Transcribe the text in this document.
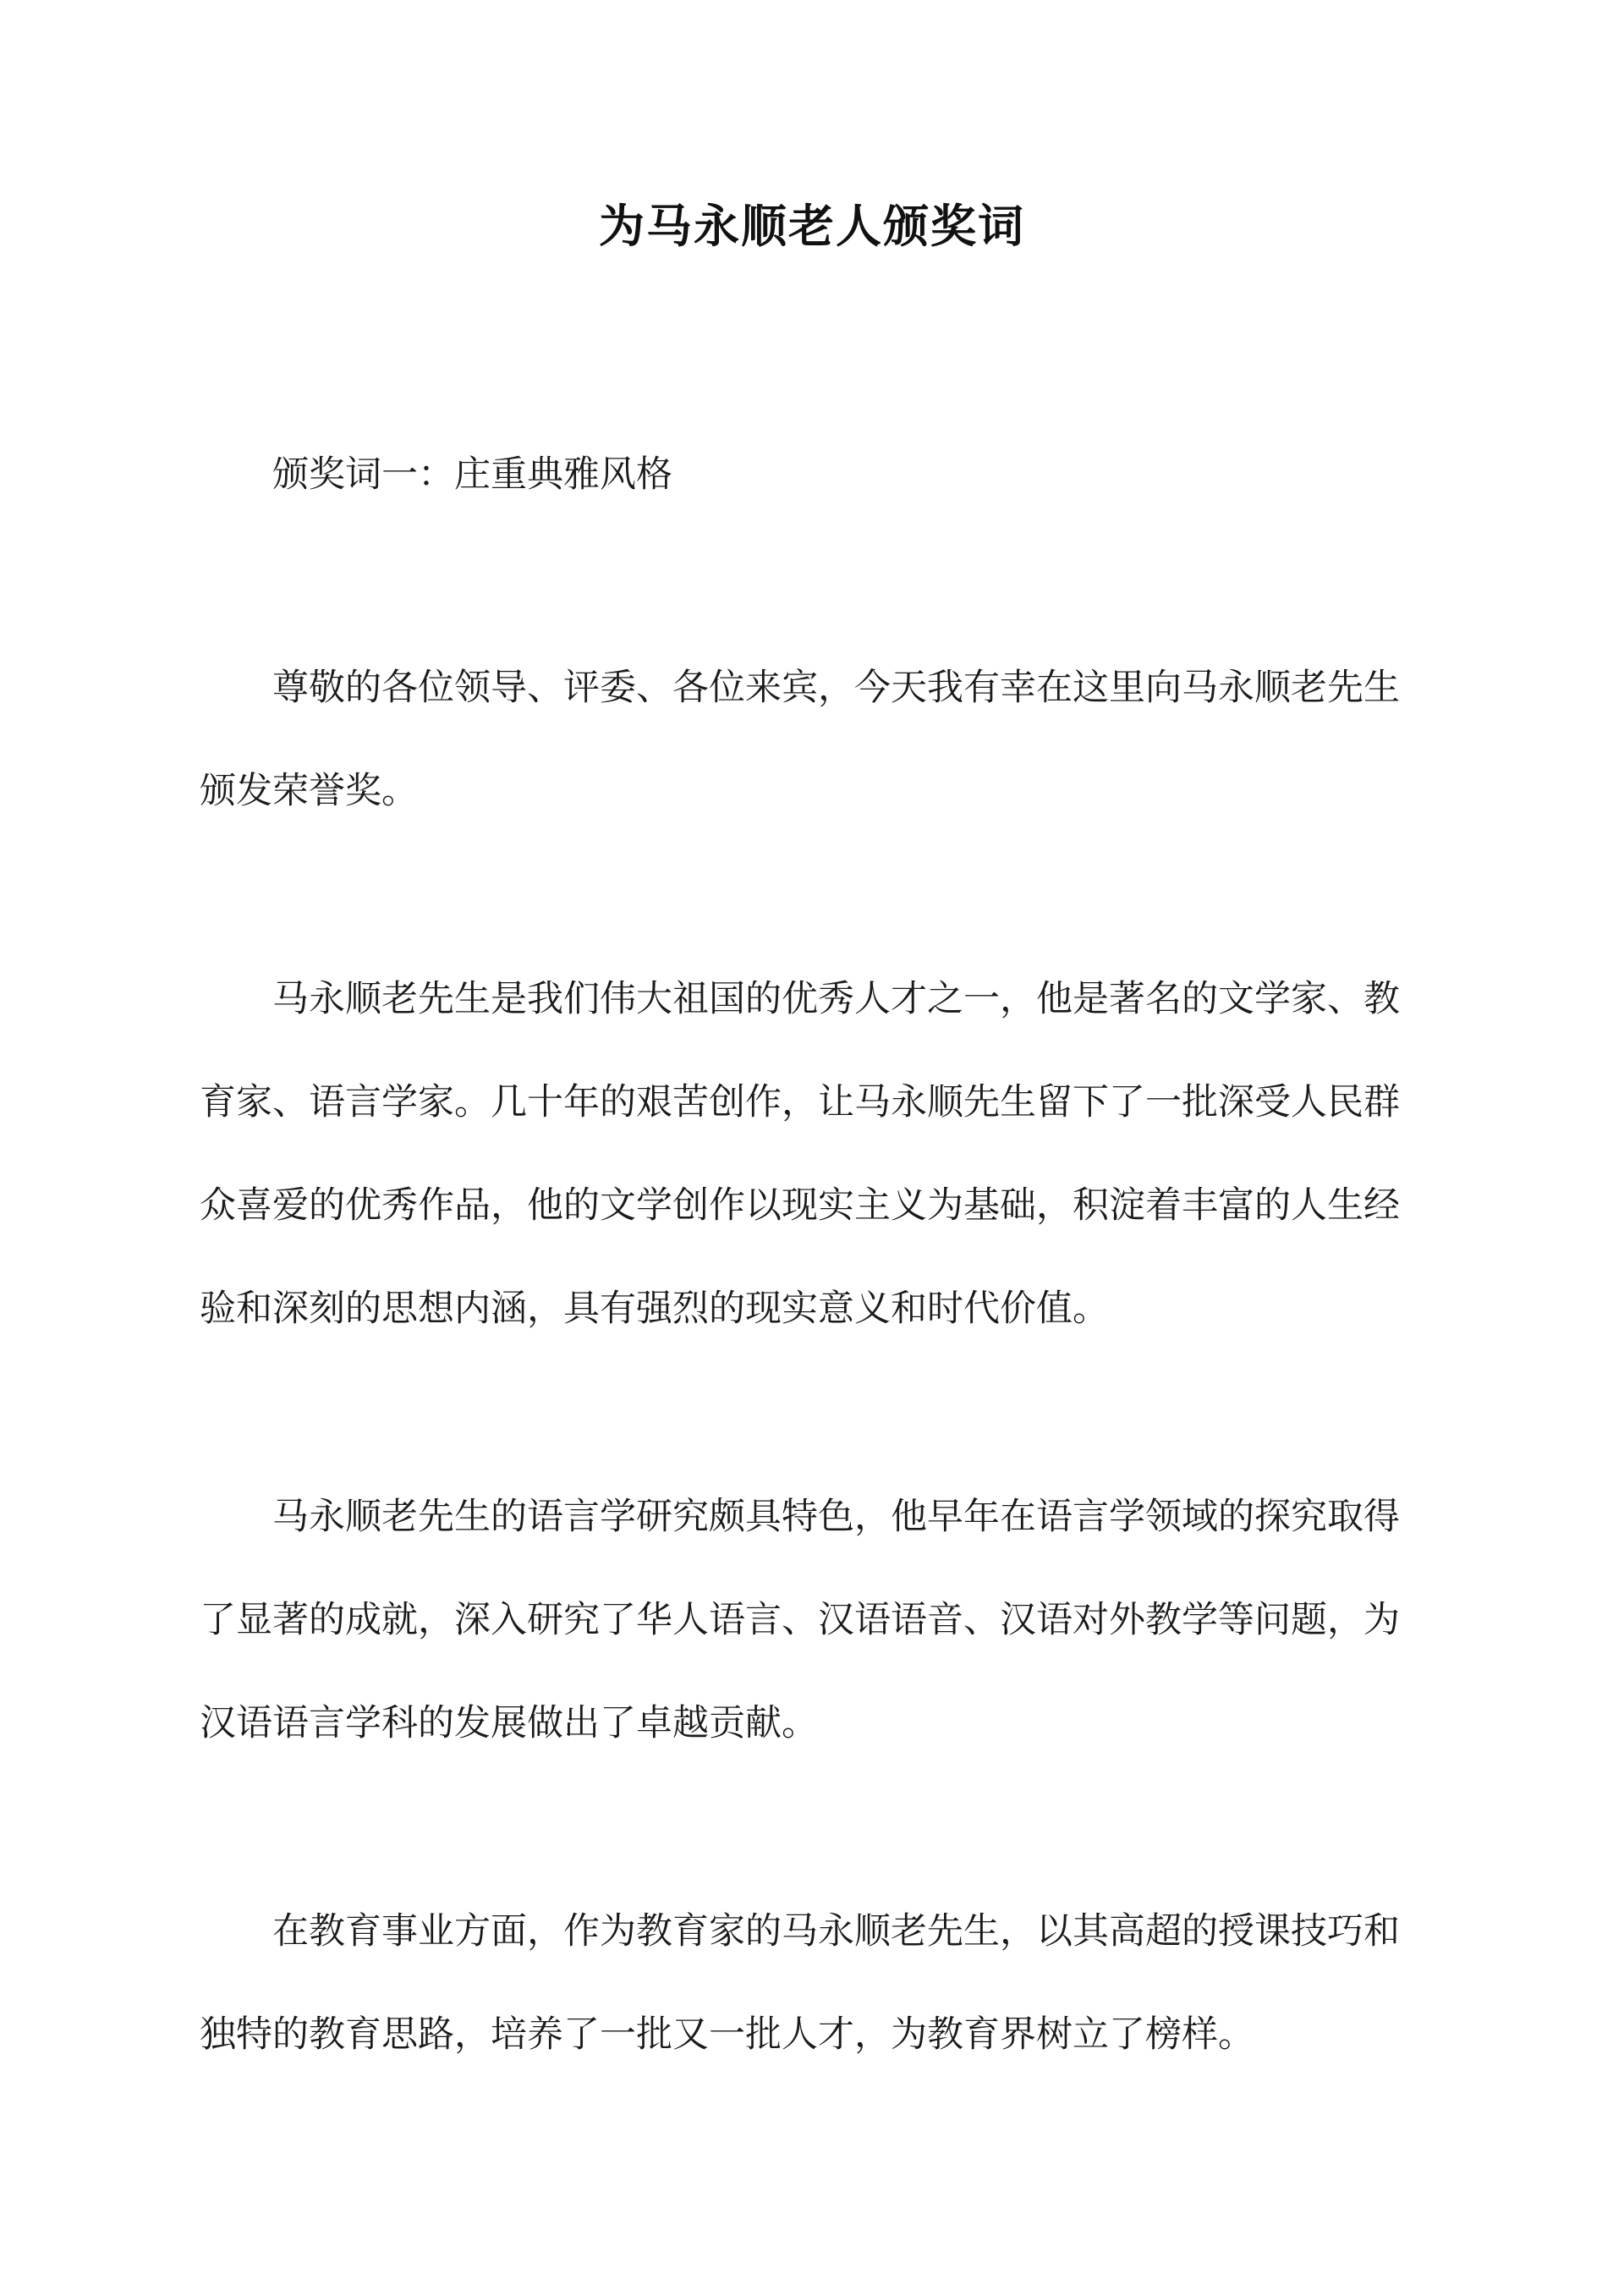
为马永顺老人颁奖词

颁奖词一：庄重典雅风格

尊敬的各位领导、评委、各位来宾，今天我有幸在这里向马永顺老先生颁发荣誉奖。

马永顺老先生是我们伟大祖国的优秀人才之一，他是著名的文学家、教育家、语言学家。几十年的艰苦创作，让马永顺先生留下了一批深受人民群众喜爱的优秀作品，他的文学创作以现实主义为基础，积淀着丰富的人生经验和深刻的思想内涵，具有强烈的现实意义和时代价值。

马永顺老先生的语言学研究颇具特色，他早年在语言学领域的探究取得了显著的成就，深入研究了华人语言、汉语语音、汉语对外教学等问题，为汉语语言学科的发展做出了卓越贡献。

在教育事业方面，作为教育家的马永顺老先生，以其高超的授课技巧和独特的教育思路，培养了一批又一批人才，为教育界树立了榜样。
